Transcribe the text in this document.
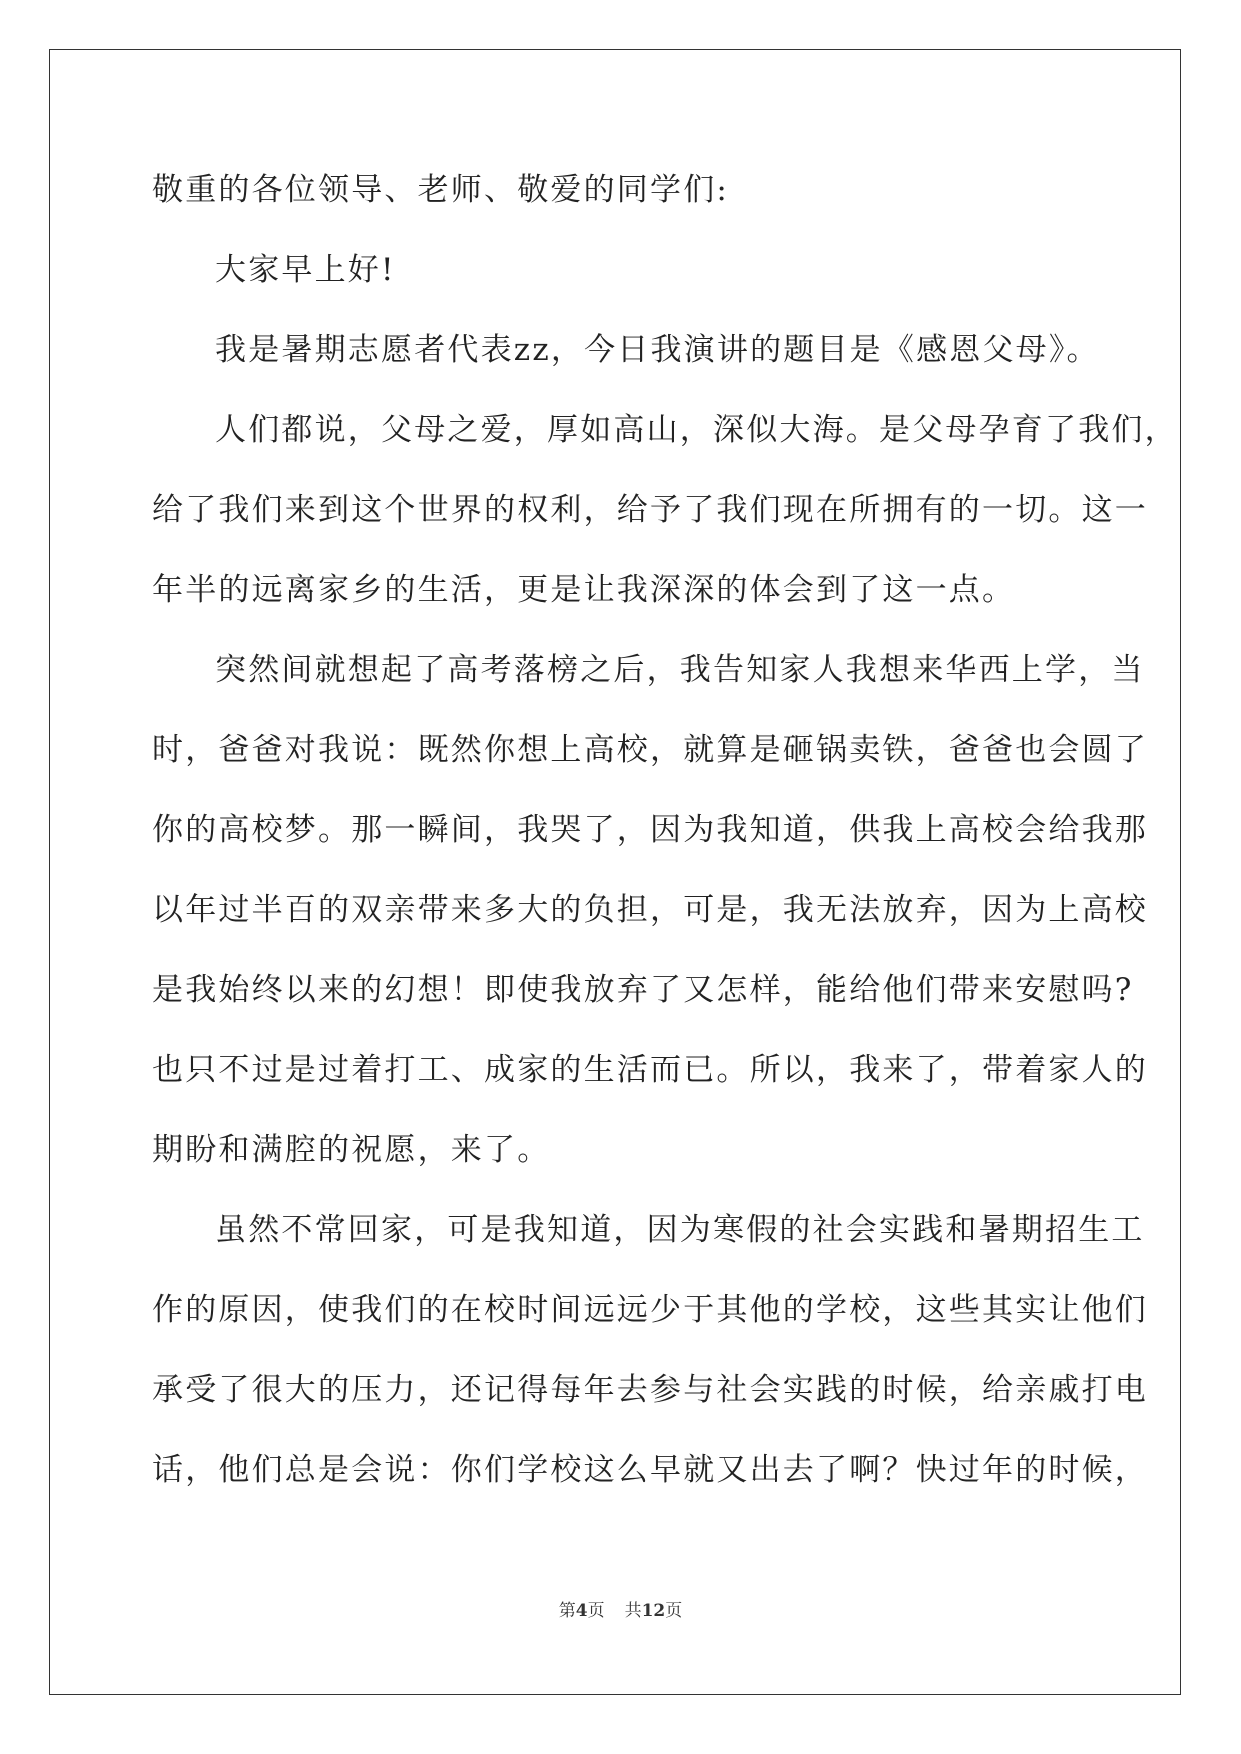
敬重的各位领导、老师、敬爱的同学们:
大家早上好!
我是暑期志愿者代表zz，今日我演讲的题目是《感恩父母》。
人们都说，父母之爱，厚如高山，深似大海。是父母孕育了我们，
给了我们来到这个世界的权利，给予了我们现在所拥有的一切。这一
年半的远离家乡的生活，更是让我深深的体会到了这一点。
突然间就想起了高考落榜之后，我告知家人我想来华西上学，当
时，爸爸对我说：既然你想上高校，就算是砸锅卖铁，爸爸也会圆了
你的高校梦。那一瞬间，我哭了，因为我知道，供我上高校会给我那
以年过半百的双亲带来多大的负担，可是，我无法放弃，因为上高校
是我始终以来的幻想！即使我放弃了又怎样，能给他们带来安慰吗?
也只不过是过着打工、成家的生活而已。所以，我来了，带着家人的
期盼和满腔的祝愿，来了。
虽然不常回家，可是我知道，因为寒假的社会实践和暑期招生工
作的原因，使我们的在校时间远远少于其他的学校，这些其实让他们
承受了很大的压力，还记得每年去参与社会实践的时候，给亲戚打电
话，他们总是会说：你们学校这么早就又出去了啊？快过年的时候，
第4页 共12页
